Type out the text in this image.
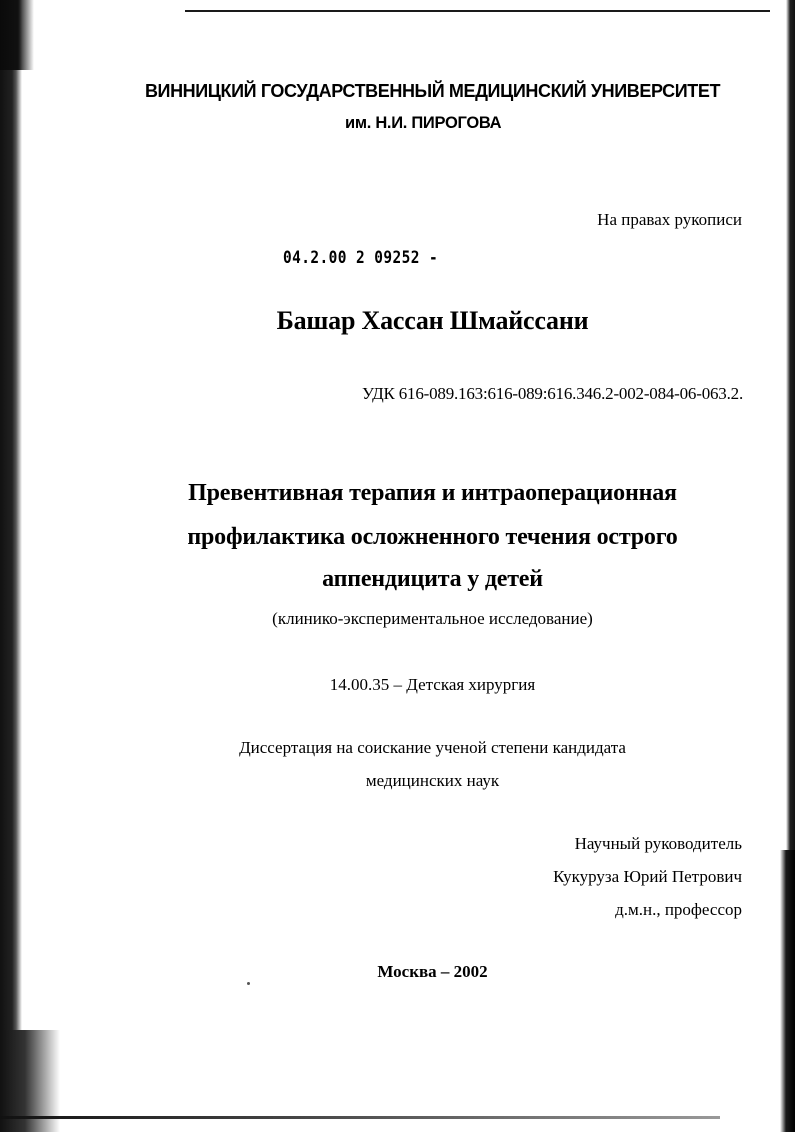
ВИННИЦКИЙ ГОСУДАРСТВЕННЫЙ МЕДИЦИНСКИЙ УНИВЕРСИТЕТ
им. Н.И. ПИРОГОВА
На правах рукописи
04.2.00 2 09252 -
Башар Хассан Шмайссани
УДК 616-089.163:616-089:616.346.2-002-084-06-063.2.
Превентивная терапия и интраоперационная
профилактика осложненного течения острого
аппендицита у детей
(клинико-экспериментальное исследование)
14.00.35 – Детская хирургия
Диссертация на соискание ученой степени кандидата
медицинских наук
Научный руководитель
Кукуруза Юрий Петрович
д.м.н., профессор
Москва – 2002
